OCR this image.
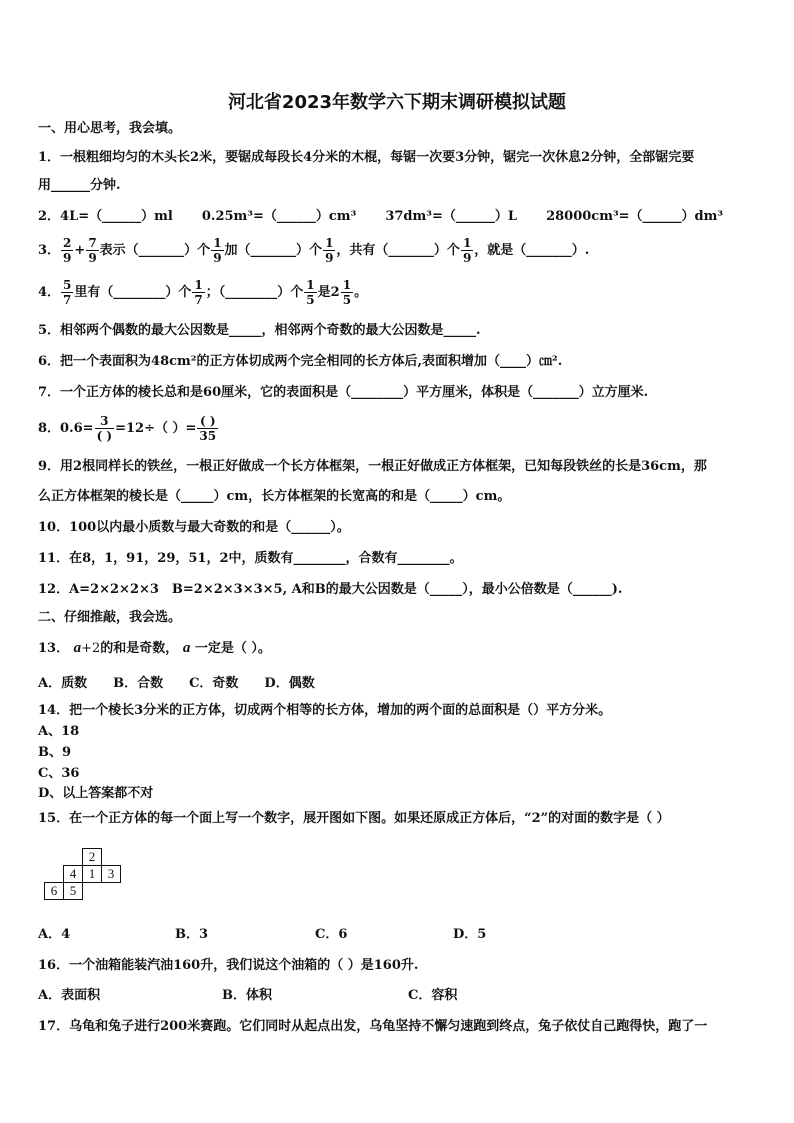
河北省2023年数学六下期末调研模拟试题
一、用心思考，我会填。
1．一根粗细均匀的木头长2米，要锯成每段长4分米的木棍，每锯一次要3分钟，锯完一次休息2分钟，全部锯完要
用______分钟.
2．4L=（______）ml 0.25m³=（______）cm³ 37dm³=（______）L 28000cm³=（______）dm³
3． $\frac{2}{9} + \frac{7}{9}$ 表示（_______）个 $\frac{1}{9}$ 加（_______）个 $\frac{1}{9}$ ，共有（_______）个 $\frac{1}{9}$ ，就是（_______）.
4． $\frac{5}{7}$ 里有（________）个 $\frac{1}{7}$ ；（________）个 $\frac{1}{5}$ 是$2 \frac{1}{5}$ 。
5．相邻两个偶数的最大公因数是_____，相邻两个奇数的最大公因数是_____.
6．把一个表面积为48cm²的正方体切成两个完全相同的长方体后,表面积增加（____）㎝².
7．一个正方体的棱长总和是60厘米，它的表面积是（________）平方厘米，体积是（_______）立方厘米.
8．0.6= 3
( ) =12÷（ ）= ( )
35
9．用2根同样长的铁丝，一根正好做成一个长方体框架，一根正好做成正方体框架，已知每段铁丝的长是36cm，那
么正方体框架的棱长是（_____）cm，长方体框架的长宽高的和是（_____）cm。
10．100以内最小质数与最大奇数的和是（______）。
11．在8，1，91，29，51，2中，质数有________，合数有________。
12．A=2×2×2×3　B=2×2×3×3×5, A和B的最大公因数是（_____），最小公倍数是（______).
二、仔细推敲，我会选。
13． a+2的和是奇数， a 一定是（ ）。
A．质数　　B．合数　　C．奇数　　D．偶数
14．把一个棱长3分米的正方体，切成两个相等的长方体，增加的两个面的总面积是（）平方分米。
A、18
B、9
C、36
D、以上答案都不对
15．在一个正方体的每一个面上写一个数字，展开图如下图。如果还原成正方体后，“2”的对面的数字是（ ）
2
4 1 3
6 5
A．4	B．3	C．6	D．5
16．一个油箱能装汽油160升，我们说这个油箱的（ ）是160升.
A．表面积	B．体积	C．容积
17．乌龟和兔子进行200米赛跑。它们同时从起点出发，乌龟坚持不懈匀速跑到终点，兔子依仗自己跑得快，跑了一
